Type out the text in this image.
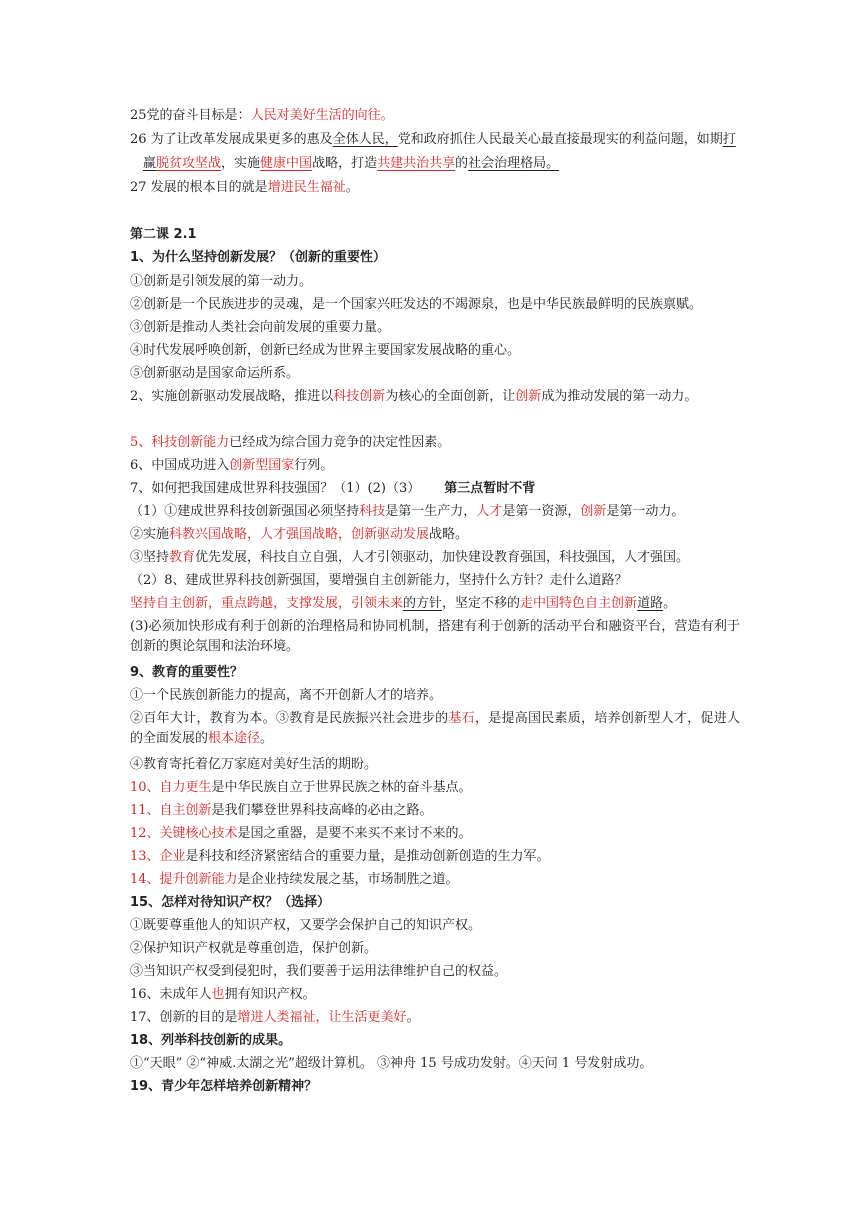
25党的奋斗目标是：人民对美好生活的向往。
26 为了让改革发展成果更多的惠及全体人民，党和政府抓住人民最关心最直接最现实的利益问题，如期打
赢脱贫攻坚战，实施健康中国战略，打造共建共治共享的社会治理格局。
27 发展的根本目的就是增进民生福祉。
第二课 2.1
1、为什么坚持创新发展？（创新的重要性）
①创新是引领发展的第一动力。
②创新是一个民族进步的灵魂，是一个国家兴旺发达的不竭源泉，也是中华民族最鲜明的民族禀赋。
③创新是推动人类社会向前发展的重要力量。
④时代发展呼唤创新，创新已经成为世界主要国家发展战略的重心。
⑤创新驱动是国家命运所系。
2、实施创新驱动发展战略，推进以科技创新为核心的全面创新，让创新成为推动发展的第一动力。
5、科技创新能力已经成为综合国力竞争的决定性因素。
6、中国成功进入创新型国家行列。
7、如何把我国建成世界科技强国？（1）(2)（3） 第三点暂时不背
（1）①建成世界科技创新强国必须坚持科技是第一生产力，人才是第一资源，创新是第一动力。
②实施科教兴国战略，人才强国战略，创新驱动发展战略。
③坚持教育优先发展，科技自立自强，人才引领驱动，加快建设教育强国，科技强国，人才强国。
（2）8、建成世界科技创新强国，要增强自主创新能力，坚持什么方针？走什么道路？
坚持自主创新，重点跨越，支撑发展，引领未来的方针，坚定不移的走中国特色自主创新道路。
(3)必须加快形成有利于创新的治理格局和协同机制，搭建有利于创新的活动平台和融资平台，营造有利于创新的舆论氛围和法治环境。
9、教育的重要性？
①一个民族创新能力的提高，离不开创新人才的培养。
②百年大计，教育为本。③教育是民族振兴社会进步的基石，是提高国民素质，培养创新型人才，促进人的全面发展的根本途径。
④教育寄托着亿万家庭对美好生活的期盼。
10、自力更生是中华民族自立于世界民族之林的奋斗基点。
11、自主创新是我们攀登世界科技高峰的必由之路。
12、关键核心技术是国之重器，是要不来买不来讨不来的。
13、企业是科技和经济紧密结合的重要力量，是推动创新创造的生力军。
14、提升创新能力是企业持续发展之基，市场制胜之道。
15、怎样对待知识产权？（选择）
①既要尊重他人的知识产权，又要学会保护自己的知识产权。
②保护知识产权就是尊重创造，保护创新。
③当知识产权受到侵犯时，我们要善于运用法律维护自己的权益。
16、未成年人也拥有知识产权。
17、创新的目的是增进人类福祉，让生活更美好。
18、列举科技创新的成果。
①“天眼” ②“神威.太湖之光”超级计算机。 ③神舟 15 号成功发射。④天问 1 号发射成功。
19、青少年怎样培养创新精神？
